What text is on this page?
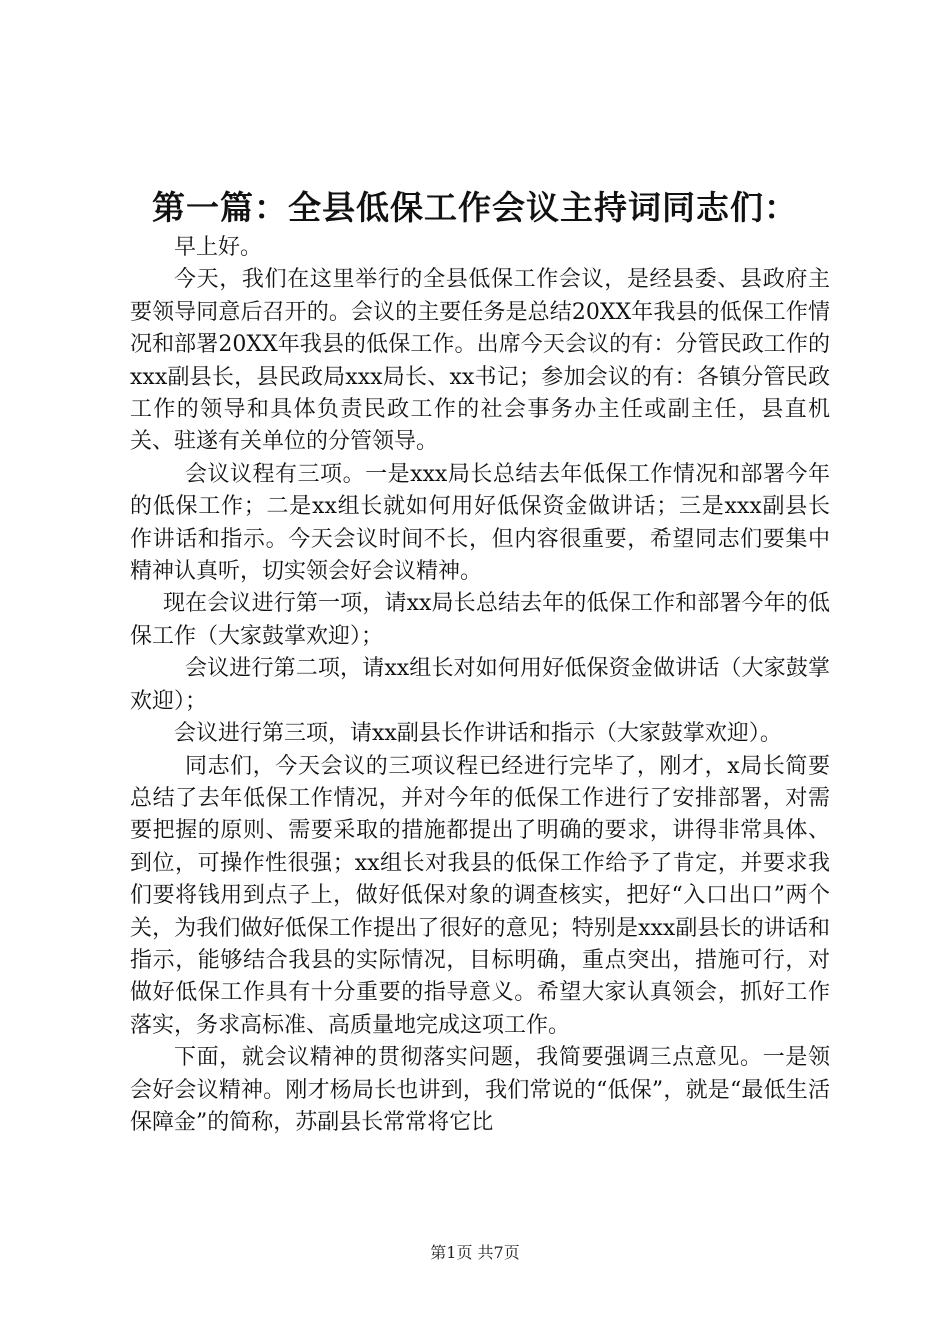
第一篇：全县低保工作会议主持词同志们：

早上好。

今天，我们在这里举行的全县低保工作会议，是经县委、县政府主要领导同意后召开的。会议的主要任务是总结20XX年我县的低保工作情况和部署20XX年我县的低保工作。出席今天会议的有：分管民政工作的xxx副县长，县民政局xxx局长、xx书记；参加会议的有：各镇分管民政工作的领导和具体负责民政工作的社会事务办主任或副主任，县直机关、驻遂有关单位的分管领导。

会议议程有三项。一是xxx局长总结去年低保工作情况和部署今年的低保工作；二是xx组长就如何用好低保资金做讲话；三是xxx副县长作讲话和指示。今天会议时间不长，但内容很重要，希望同志们要集中精神认真听，切实领会好会议精神。

现在会议进行第一项，请xx局长总结去年的低保工作和部署今年的低保工作（大家鼓掌欢迎）；

会议进行第二项，请xx组长对如何用好低保资金做讲话（大家鼓掌欢迎）；

会议进行第三项，请xx副县长作讲话和指示（大家鼓掌欢迎）。

同志们，今天会议的三项议程已经进行完毕了，刚才，x局长简要总结了去年低保工作情况，并对今年的低保工作进行了安排部署，对需要把握的原则、需要采取的措施都提出了明确的要求，讲得非常具体、到位，可操作性很强；xx组长对我县的低保工作给予了肯定，并要求我们要将钱用到点子上，做好低保对象的调查核实，把好“入口出口”两个关，为我们做好低保工作提出了很好的意见；特别是xxx副县长的讲话和指示，能够结合我县的实际情况，目标明确，重点突出，措施可行，对做好低保工作具有十分重要的指导意义。希望大家认真领会，抓好工作落实，务求高标准、高质量地完成这项工作。

下面，就会议精神的贯彻落实问题，我简要强调三点意见。一是领会好会议精神。刚才杨局长也讲到，我们常说的“低保”，就是“最低生活保障金”的简称，苏副县长常常将它比

第1页 共7页
